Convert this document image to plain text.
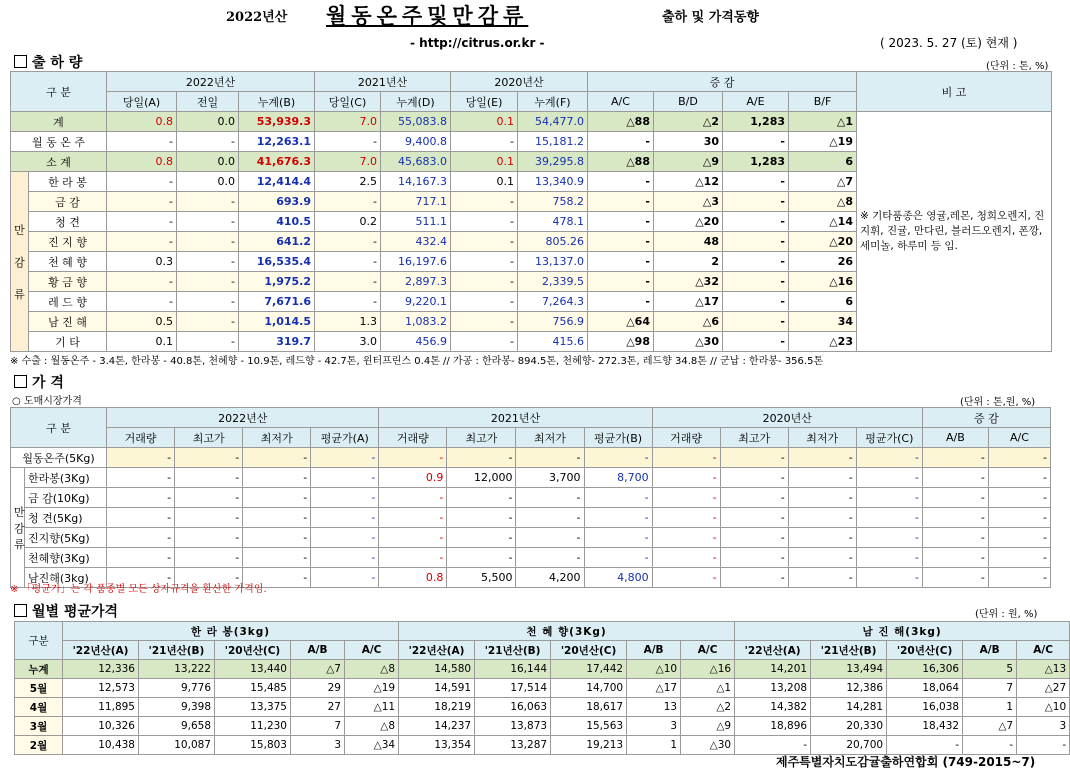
2022년산 월동온주및만감류	출하 및 가격동향
- http://citrus.or.kr -	( 2023. 5. 27 (토) 현재 )
출 하 량	(단위 : 톤, %)
구 분		2022년산			2021년산		2020년산		증 감				비 고
		당일(A)	전일	누계(B)	당일(C)	누계(D)	당일(E)	누계(F)	A/C	B/D	A/E	B/F	
계		0.8	0.0	53,939.3	7.0	55,083.8	0.1	54,477.0	△88	△2	1,283	△1	※ 기타품종은 영귤,레몬, 청희오렌지, 진지휘, 진귤, 만다린, 블러드오렌지, 폰깡,세미놀, 하루미 등 임.
월 동 온 주		-	-	12,263.1	-	9,400.8	-	15,181.2	-	30	-	△19	
소 계		0.8	0.0	41,676.3	7.0	45,683.0	0.1	39,295.8	△88	△9	1,283	6	

만
감
류	한 라 봉	-	0.0	12,414.4	2.5	14,167.3	0.1	13,340.9	-	△12	-	△7	
	금 감	-	-	693.9	-	717.1	-	758.2	-	△3	-	△8	
	청 견	-	-	410.5	0.2	511.1	-	478.1	-	△20	-	△14	
	진 지 향	-	-	641.2	-	432.4	-	805.26	-	48	-	△20	
	천 혜 향	0.3	-	16,535.4	-	16,197.6	-	13,137.0	-	2	-	26	
	황 금 향	-	-	1,975.2	-	2,897.3	-	2,339.5	-	△32	-	△16	
	레 드 향	-	-	7,671.6	-	9,220.1	-	7,264.3	-	△17	-	6	
	남 진 해	0.5	-	1,014.5	1.3	1,083.2	-	756.9	△64	△6	-	34	
	기 타	0.1	-	319.7	3.0	456.9	-	415.6	△98	△30	-	△23	
※ 수출 : 월동온주 - 3.4톤, 한라봉 - 40.8톤, 천혜향 - 10.9톤, 레드향 - 42.7톤, 윈터프린스 0.4톤 // 가공 : 한라봉- 894.5톤, 천혜향- 272.3톤, 레드향 34.8톤 // 군납 : 한라봉- 356.5톤
가 격
○ 도매시장가격	(단위 : 톤,원, %)
구 분		2022년산				2021년산				2020년산				증 감	
		거래량	최고가	최저가	평균가(A)	거래량	최고가	최저가	평균가(B)	거래량	최고가	최저가	평균가(C)	A/B	A/C
월동온주(5Kg)		-	-	-	-	-	-	-	-	-	-	-	-	-	-

만
감
류	한라봉(3Kg)	-	-	-	-	0.9	12,000	3,700	8,700	-	-	-	-	-	-
	금 감(10Kg)	-	-	-	-	-	-	-	-	-	-	-	-	-	-
	청 견(5Kg)	-	-	-	-	-	-	-	-	-	-	-	-	-	-
	진지향(5Kg)	-	-	-	-	-	-	-	-	-	-	-	-	-	-
	천혜향(3Kg)	-	-	-	-	-	-	-	-	-	-	-	-	-	-
	남진해(3kg)	-	-	-	-	0.8	5,500	4,200	4,800	-	-	-	-	-	-
※ 「평균가」는 각 품종별 모든 상자규격을 환산한 가격임.
월별 평균가격	(단위 : 원, %)
구분	한 라 봉(3kg)					천 혜 향(3Kg)					남 진 해(3kg)				
	'22년산(A)	'21년산(B)	'20년산(C)	A/B	A/C	'22년산(A)	'21년산(B)	'20년산(C)	A/B	A/C	'22년산(A)	'21년산(B)	'20년산(C)	A/B	A/C
누계	12,336	13,222	13,440	△7	△8	14,580	16,144	17,442	△10	△16	14,201	13,494	16,306	5	△13
5월	12,573	9,776	15,485	29	△19	14,591	17,514	14,700	△17	△1	13,208	12,386	18,064	7	△27
4월	11,895	9,398	13,375	27	△11	18,219	16,063	18,617	13	△2	14,382	14,281	16,038	1	△10
3월	10,326	9,658	11,230	7	△8	14,237	13,873	15,563	3	△9	18,896	20,330	18,432	△7	3
2월	10,438	10,087	15,803	3	△34	13,354	13,287	19,213	1	△30	-	20,700	-	-	-
제주특별자치도감귤출하연합회 (749-2015~7)
